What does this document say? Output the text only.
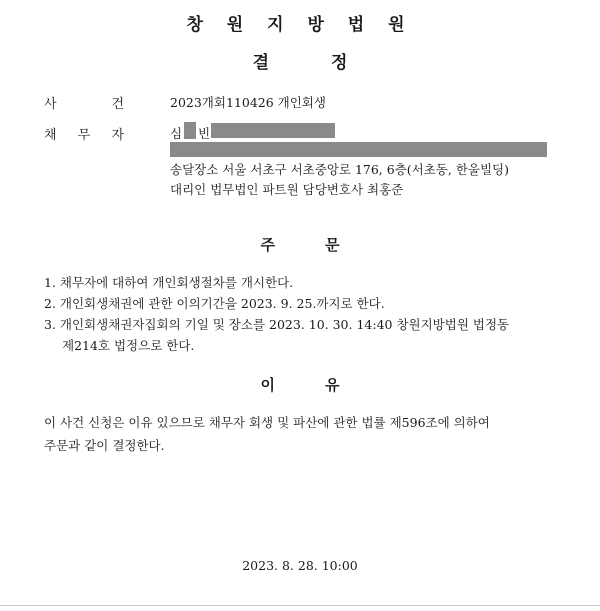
창 원 지 방 법 원
결정
사	건	2023개회110426 개인회생
채 무 자	심 빈
송달장소 서울 서초구 서초중앙로 176, 6층(서초동, 한울빌딩)
대리인 법무법인 파트원 담당변호사 최홍준
주문
1. 채무자에 대하여 개인회생절차를 개시한다.
2. 개인회생채권에 관한 이의기간을 2023. 9. 25.까지로 한다.
3. 개인회생채권자집회의 기일 및 장소를 2023. 10. 30. 14:40 창원지방법원 법정동
제214호 법정으로 한다.
이유
이 사건 신청은 이유 있으므로 채무자 회생 및 파산에 관한 법률 제596조에 의하여
주문과 같이 결정한다.
2023. 8. 28. 10:00
